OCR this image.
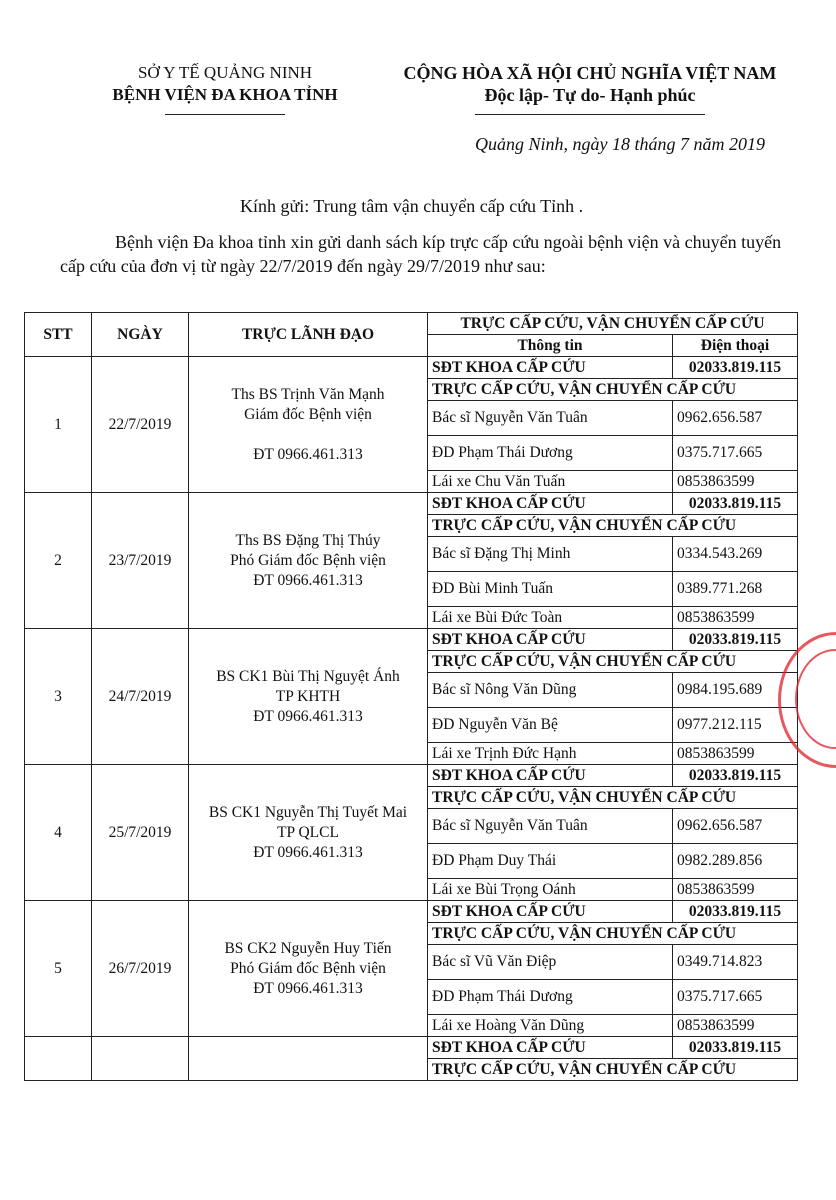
SỞ Y TẾ QUẢNG NINH
BỆNH VIỆN ĐA KHOA TỈNH
CỘNG HÒA XÃ HỘI CHỦ NGHĨA VIỆT NAM
Độc lập- Tự do- Hạnh phúc
Quảng Ninh, ngày 18 tháng 7 năm 2019
Kính gửi: Trung tâm vận chuyển cấp cứu Tỉnh .
Bệnh viện Đa khoa tỉnh xin gửi danh sách kíp trực cấp cứu ngoài bệnh viện và chuyển tuyến cấp cứu của đơn vị từ ngày 22/7/2019 đến ngày 29/7/2019 như sau:
STT	NGÀY	TRỰC LÃNH ĐẠO	TRỰC CẤP CỨU, VẬN CHUYỂN CẤP CỨU	
			Thông tin	Điện thoại
1	22/7/2019	Ths BS Trịnh Văn Mạnh
Giám đốc Bệnh viện
ĐT 0966.461.313	SĐT KHOA CẤP CỨU	02033.819.115
			TRỰC CẤP CỨU, VẬN CHUYỂN CẤP CỨU	
			Bác sĩ Nguyễn Văn Tuân	0962.656.587
			ĐD Phạm Thái Dương	0375.717.665
			Lái xe Chu Văn Tuấn	0853863599
2	23/7/2019	Ths BS Đặng Thị Thúy
Phó Giám đốc Bệnh viện
ĐT 0966.461.313	SĐT KHOA CẤP CỨU	02033.819.115
			TRỰC CẤP CỨU, VẬN CHUYỂN CẤP CỨU	
			Bác sĩ Đặng Thị Minh	0334.543.269
			ĐD Bùi Minh Tuấn	0389.771.268
			Lái xe Bùi Đức Toàn	0853863599
3	24/7/2019	BS CK1 Bùi Thị Nguyệt Ánh
TP KHTH
ĐT 0966.461.313	SĐT KHOA CẤP CỨU	02033.819.115
			TRỰC CẤP CỨU, VẬN CHUYỂN CẤP CỨU	
			Bác sĩ Nông Văn Dũng	0984.195.689
			ĐD Nguyễn Văn Bệ	0977.212.115
			Lái xe Trịnh Đức Hạnh	0853863599
4	25/7/2019	BS CK1 Nguyễn Thị Tuyết Mai
TP QLCL
ĐT 0966.461.313	SĐT KHOA CẤP CỨU	02033.819.115
			TRỰC CẤP CỨU, VẬN CHUYỂN CẤP CỨU	
			Bác sĩ Nguyễn Văn Tuân	0962.656.587
			ĐD Phạm Duy Thái	0982.289.856
			Lái xe Bùi Trọng Oánh	0853863599
5	26/7/2019	BS CK2 Nguyễn Huy Tiến
Phó Giám đốc Bệnh viện
ĐT 0966.461.313	SĐT KHOA CẤP CỨU	02033.819.115
			TRỰC CẤP CỨU, VẬN CHUYỂN CẤP CỨU	
			Bác sĩ Vũ Văn Điệp	0349.714.823
			ĐD Phạm Thái Dương	0375.717.665
			Lái xe Hoàng Văn Dũng	0853863599
			SĐT KHOA CẤP CỨU	02033.819.115
			TRỰC CẤP CỨU, VẬN CHUYỂN CẤP CỨU	
